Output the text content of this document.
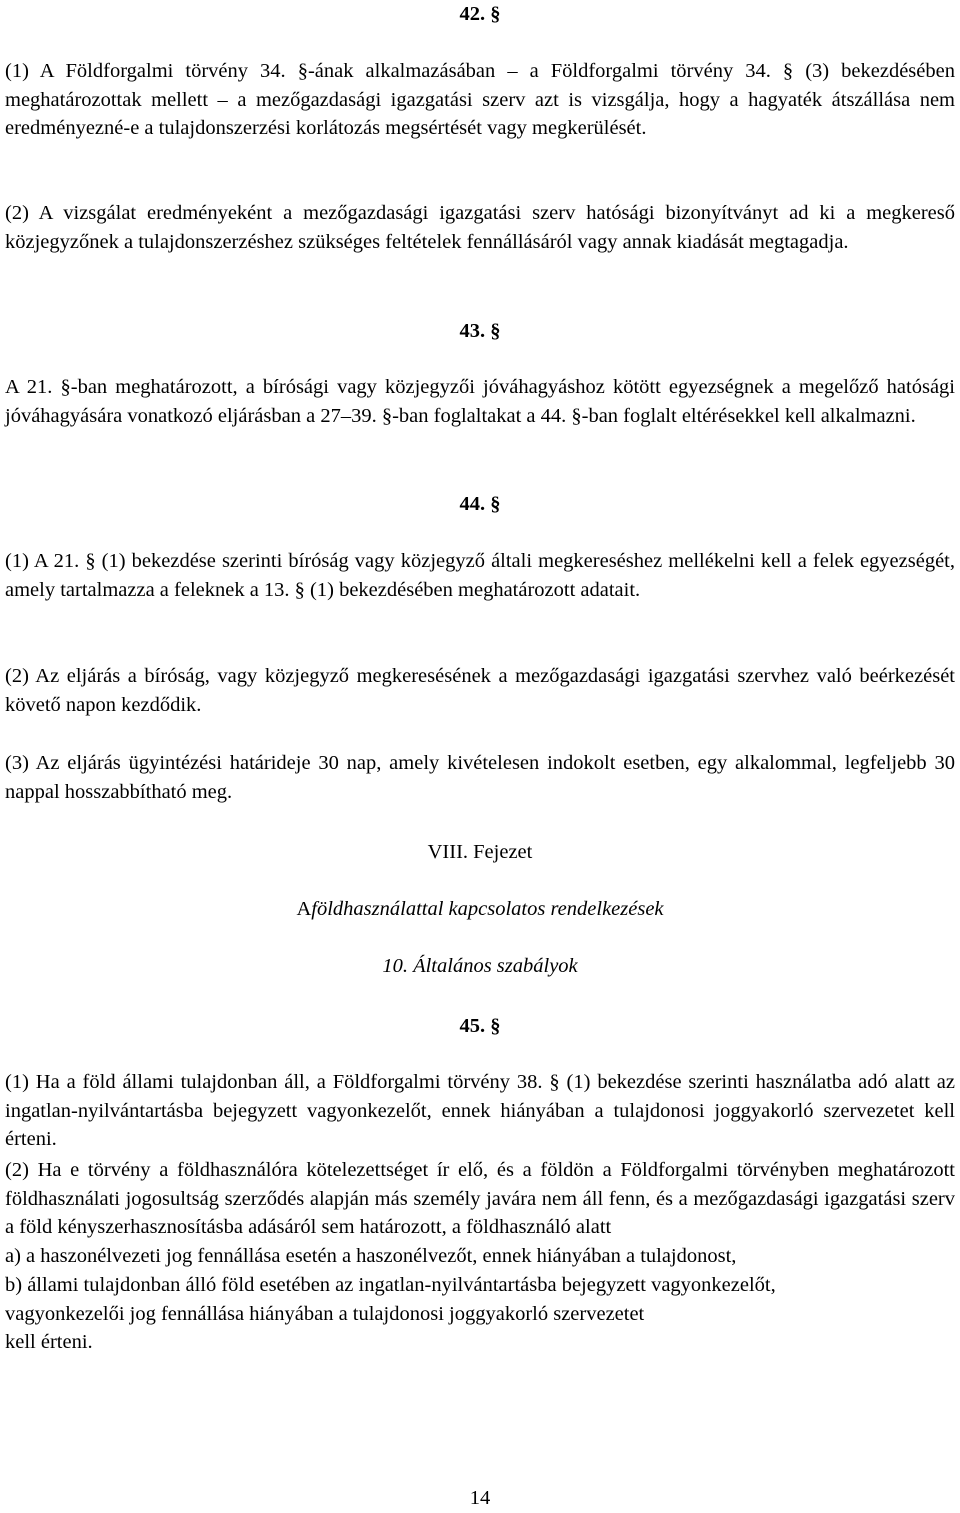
42. §

(1) A Földforgalmi törvény 34. §-ának alkalmazásában – a Földforgalmi törvény 34. § (3) bekezdésében meghatározottak mellett – a mezőgazdasági igazgatási szerv azt is vizsgálja, hogy a hagyaték átszállása nem eredményezné-e a tulajdonszerzési korlátozás megsértését vagy megkerülését.

(2) A vizsgálat eredményeként a mezőgazdasági igazgatási szerv hatósági bizonyítványt ad ki a megkereső közjegyzőnek a tulajdonszerzéshez szükséges feltételek fennállásáról vagy annak kiadását megtagadja.

43. §

A 21. §-ban meghatározott, a bírósági vagy közjegyzői jóváhagyáshoz kötött egyezségnek a megelőző hatósági jóváhagyására vonatkozó eljárásban a 27–39. §-ban foglaltakat a 44. §-ban foglalt eltérésekkel kell alkalmazni.

44. §

(1) A 21. § (1) bekezdése szerinti bíróság vagy közjegyző általi megkereséshez mellékelni kell a felek egyezségét, amely tartalmazza a feleknek a 13. § (1) bekezdésében meghatározott adatait.

(2) Az eljárás a bíróság, vagy közjegyző megkeresésének a mezőgazdasági igazgatási szervhez való beérkezését követő napon kezdődik.

(3) Az eljárás ügyintézési határideje 30 nap, amely kivételesen indokolt esetben, egy alkalommal, legfeljebb 30 nappal hosszabbítható meg.

VIII. Fejezet

Aföldhasználattal kapcsolatos rendelkezések

10. Általános szabályok

45. §

(1) Ha a föld állami tulajdonban áll, a Földforgalmi törvény 38. § (1) bekezdése szerinti használatba adó alatt az ingatlan-nyilvántartásba bejegyzett vagyonkezelőt, ennek hiányában a tulajdonosi joggyakorló szervezetet kell érteni.

(2) Ha e törvény a földhasználóra kötelezettséget ír elő, és a földön a Földforgalmi törvényben meghatározott földhasználati jogosultság szerződés alapján más személy javára nem áll fenn, és a mezőgazdasági igazgatási szerv a föld kényszerhasznosításba adásáról sem határozott, a földhasználó alatt

a) a haszonélvezeti jog fennállása esetén a haszonélvezőt, ennek hiányában a tulajdonost,

b) állami tulajdonban álló föld esetében az ingatlan-nyilvántartásba bejegyzett vagyonkezelőt,

vagyonkezelői jog fennállása hiányában a tulajdonosi joggyakorló szervezetet

kell érteni.

14
